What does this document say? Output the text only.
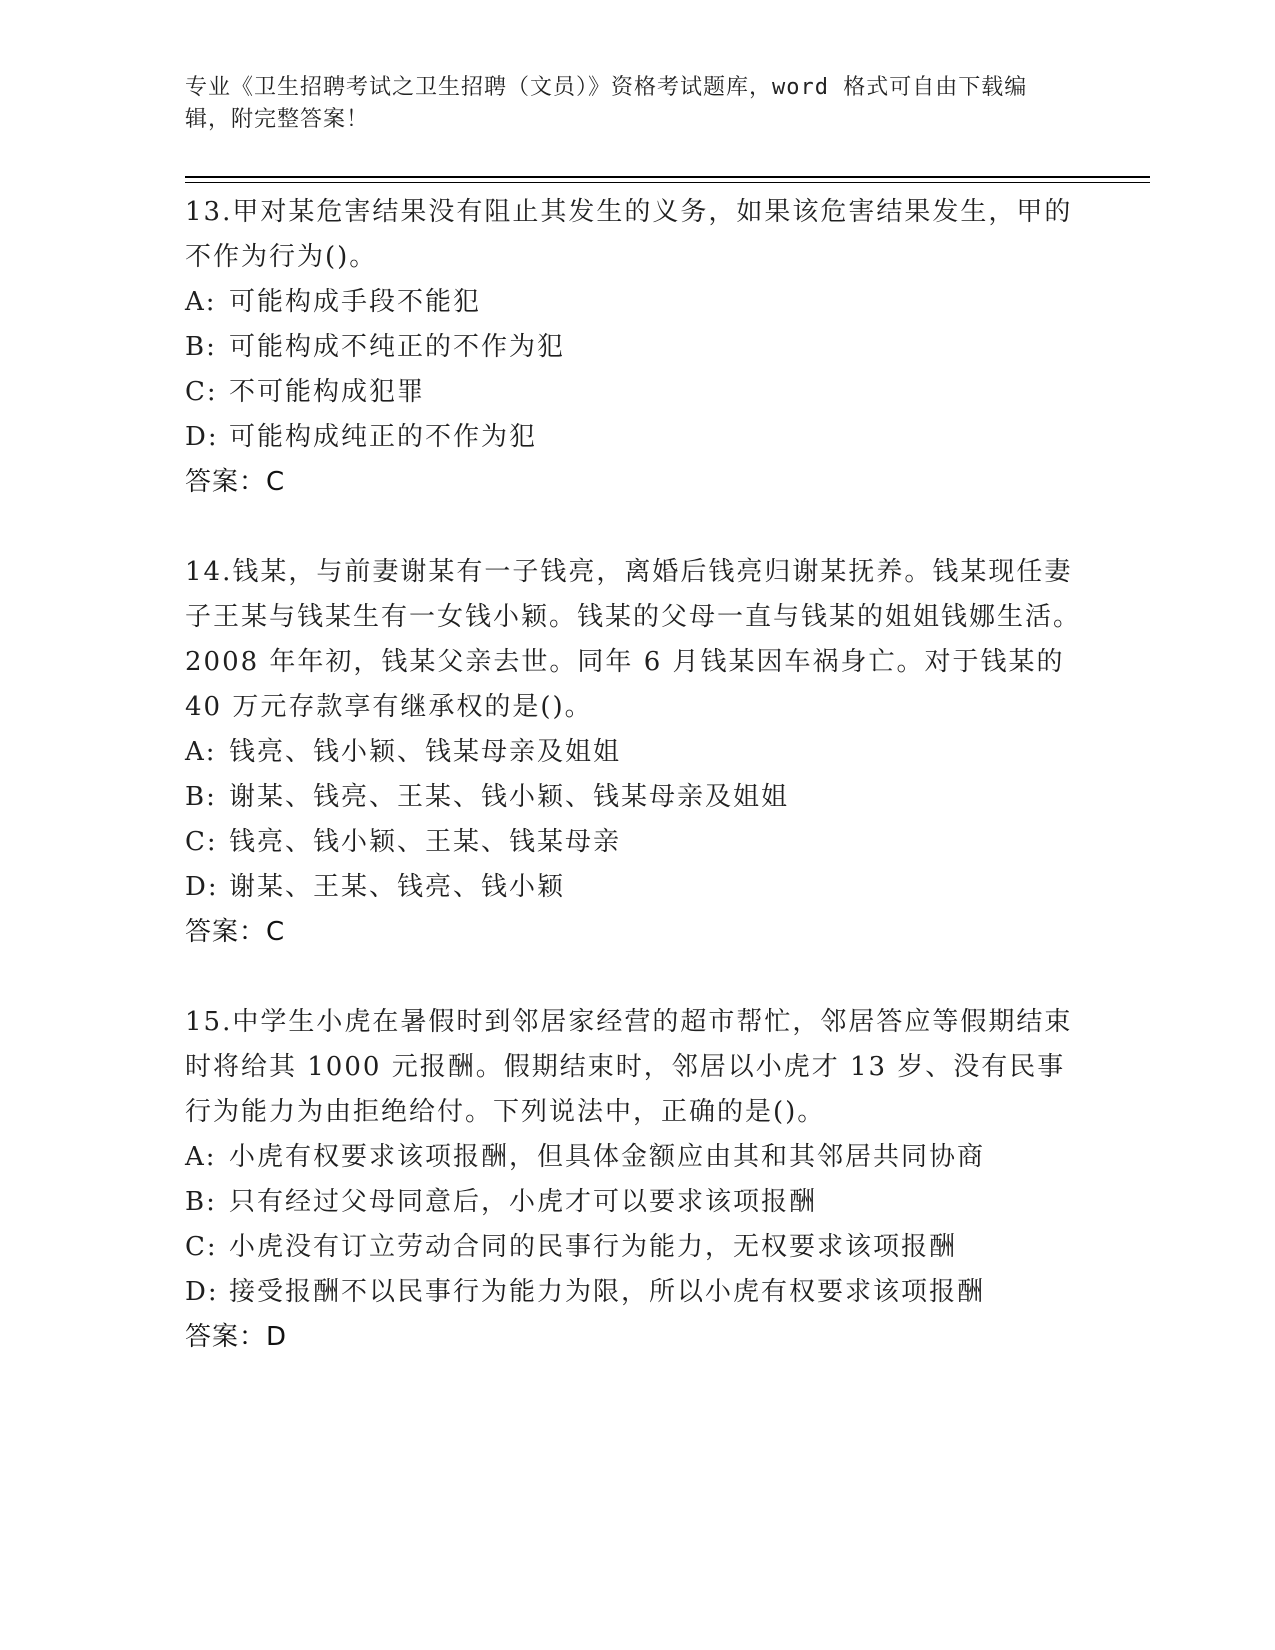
专业《卫生招聘考试之卫生招聘（文员）》资格考试题库，word 格式可自由下载编辑，附完整答案！
13.甲对某危害结果没有阻止其发生的义务，如果该危害结果发生，甲的不作为行为()。
A: 可能构成手段不能犯
B: 可能构成不纯正的不作为犯
C: 不可能构成犯罪
D: 可能构成纯正的不作为犯
答案：C
14.钱某，与前妻谢某有一子钱亮，离婚后钱亮归谢某抚养。钱某现任妻子王某与钱某生有一女钱小颖。钱某的父母一直与钱某的姐姐钱娜生活。2008 年年初，钱某父亲去世。同年 6 月钱某因车祸身亡。对于钱某的 40 万元存款享有继承权的是()。
A: 钱亮、钱小颖、钱某母亲及姐姐
B: 谢某、钱亮、王某、钱小颖、钱某母亲及姐姐
C: 钱亮、钱小颖、王某、钱某母亲
D: 谢某、王某、钱亮、钱小颖
答案：C
15.中学生小虎在暑假时到邻居家经营的超市帮忙，邻居答应等假期结束时将给其 1000 元报酬。假期结束时，邻居以小虎才 13 岁、没有民事行为能力为由拒绝给付。下列说法中，正确的是()。
A: 小虎有权要求该项报酬，但具体金额应由其和其邻居共同协商
B: 只有经过父母同意后，小虎才可以要求该项报酬
C: 小虎没有订立劳动合同的民事行为能力，无权要求该项报酬
D: 接受报酬不以民事行为能力为限，所以小虎有权要求该项报酬
答案：D
